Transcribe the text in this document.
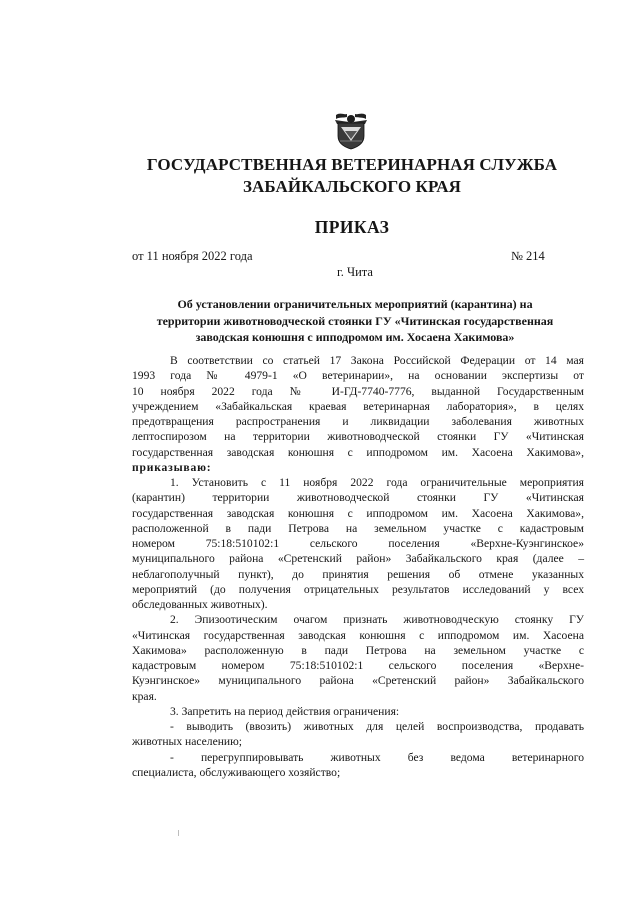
ГОСУДАРСТВЕННАЯ ВЕТЕРИНАРНАЯ СЛУЖБА
ЗАБАЙКАЛЬСКОГО КРАЯ
ПРИКАЗ
от 11 ноября 2022 года	№ 214
г. Чита
Об установлении ограничительных мероприятий (карантина) на
территории животноводческой стоянки ГУ «Читинская государственная
заводская конюшня с ипподромом им. Хосаена Хакимова»
В соответствии со статьей 17 Закона Российской Федерации от 14 мая
1993 года № 4979-1 «О ветеринарии», на основании экспертизы от
10 ноября 2022 года № И-ГД-7740-7776, выданной Государственным
учреждением «Забайкальская краевая ветеринарная лаборатория», в целях
предотвращения распространения и ликвидации заболевания животных
лептоспирозом на территории животноводческой стоянки ГУ «Читинская
государственная заводская конюшня с ипподромом им. Хасоена Хакимова»,
приказываю:
1. Установить с 11 ноября 2022 года ограничительные мероприятия
(карантин) территории животноводческой стоянки ГУ «Читинская
государственная заводская конюшня с ипподромом им. Хасоена Хакимова»,
расположенной в пади Петрова на земельном участке с кадастровым
номером 75:18:510102:1 сельского поселения «Верхне-Куэнгинское»
муниципального района «Сретенский район» Забайкальского края (далее –
неблагополучный пункт), до принятия решения об отмене указанных
мероприятий (до получения отрицательных результатов исследований у всех
обследованных животных).
2. Эпизоотическим очагом признать животноводческую стоянку ГУ
«Читинская государственная заводская конюшня с ипподромом им. Хасоена
Хакимова» расположенную в пади Петрова на земельном участке с
кадастровым номером 75:18:510102:1 сельского поселения «Верхне-
Куэнгинское» муниципального района «Сретенский район» Забайкальского
края.
3. Запретить на период действия ограничения:
- выводить (ввозить) животных для целей воспроизводства, продавать
животных населению;
- перегруппировывать животных без ведома ветеринарного
специалиста, обслуживающего хозяйство;
